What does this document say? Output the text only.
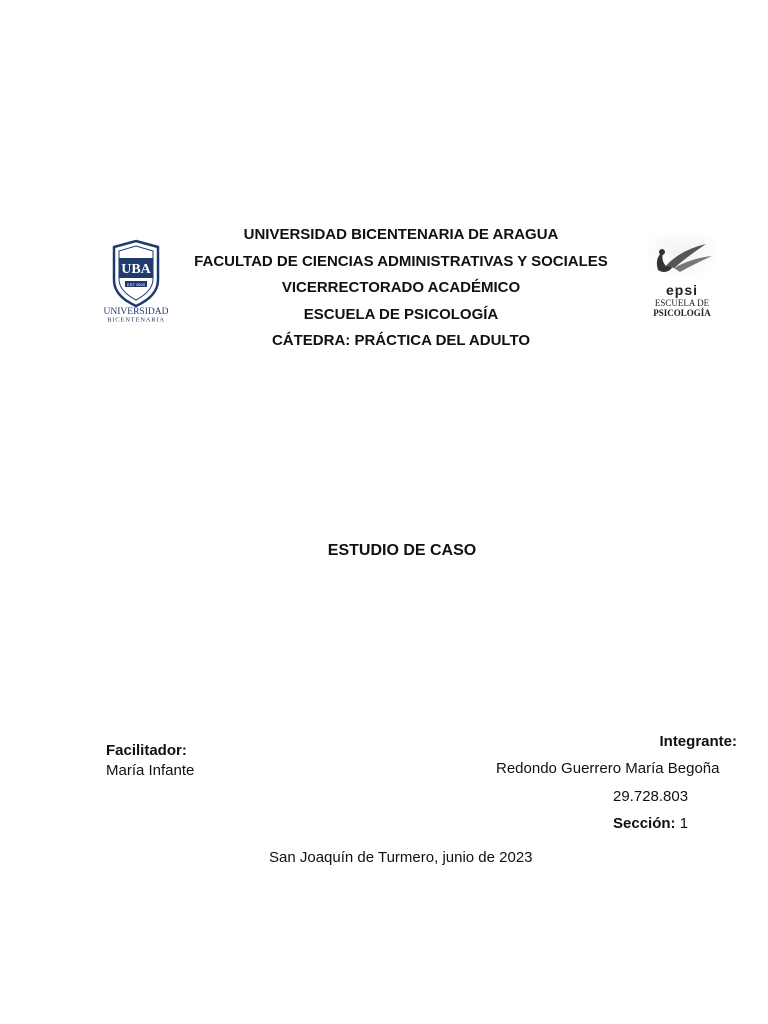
UBA
EST 2000
UNIVERSIDAD
BICENTENARIA
UNIVERSIDAD BICENTENARIA DE ARAGUA
FACULTAD DE CIENCIAS ADMINISTRATIVAS Y SOCIALES
VICERRECTORADO ACADÉMICO
ESCUELA DE PSICOLOGÍA
CÁTEDRA: PRÁCTICA DEL ADULTO
epsi
ESCUELA DE
PSICOLOGÍA
ESTUDIO DE CASO
Facilitador:
María Infante
Integrante:
Redondo Guerrero María Begoña
29.728.803
Sección: 1
San Joaquín de Turmero, junio de 2023
